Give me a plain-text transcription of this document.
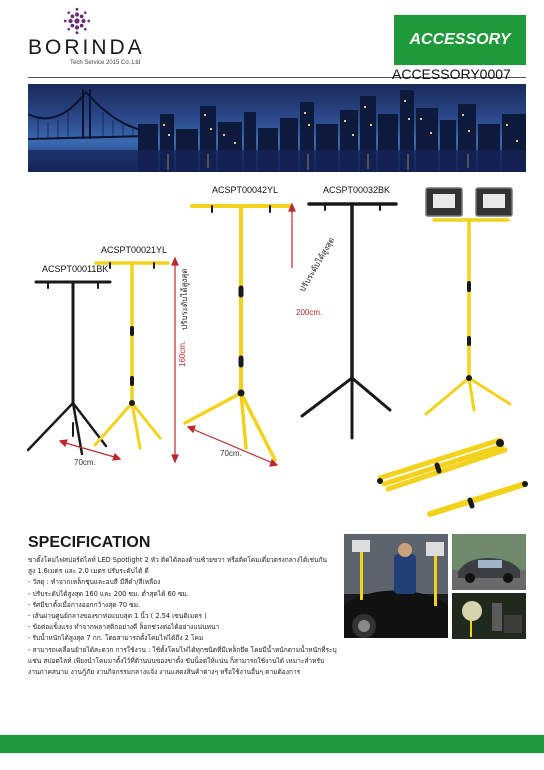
BORINDA
Tech Service 2015 Co.,Ltd
ACCESSORY
ACCESSORY0007
ACSPT00011BK
ACSPT00021YL
ACSPT00042YL	ACSPT00032BK
ปรับระดับได้สูงสุด
160cm.
ปรับระดับได้สูงสุด
200cm.
70cm.
70cm.
SPECIFICATION
ขาตั้งโคมไฟสปอร์ตไลท์ LED Spotlight 2 หัว ติดได้สองด้านซ้ายขวา หรือติดโคมเดี่ยวตรงกลางได้เช่นกัน
สูง 1.6เมตร และ 2.0 เมตร ปรับระดับได้ ดี
- วัสดุ : ทำจากเหล็กชุบและอบสี มีสีดำ/สีเหลือง
- ปรับระดับได้สูงสุด 160 และ 200 ซม. ต่ำสุดได้ 60 ซม.
- รัศมีขาตั้งเมื่อกางออกกว้างสุด 70 ซม.
- เส้นผ่านศูนย์กลางของขาท่อแบบสุด 1 นิ้ว ( 2.54 เซนติเมตร )
- ข้อต่อแข็งแรง ทำจากพลาสติกอย่างดี ล็อกช่วงต่อได้อย่างแน่นหนา
- รับน้ำหนักได้สูงสุด 7 กก. โดยสามารถตั้งโคมไฟได้ถึง 2 โคม
- สามารถเคลื่อนย้ายได้สะดวก การใช้งาน : ใช้ตั้งโคมไฟได้ทุกชนิดที่มีเหล็กยึด โดยมีน้ำหนักตามน้ำหนักที่ระบุ
แช่น สปอตไลท์ เพียงนำโคมมาตั้งไว้ที่ด้านบนของขาตั้ง ขันน็อตให้แน่น ก็สามารถใช้งานได้ เหมาะสำหรับ
งานภาคสนาม งานกู้ภัย งานกิจกรรมกลางแจ้ง งานแสดงสินค้าต่างๆ หรือใช้งานอื่นๆ ตามต้องการ
